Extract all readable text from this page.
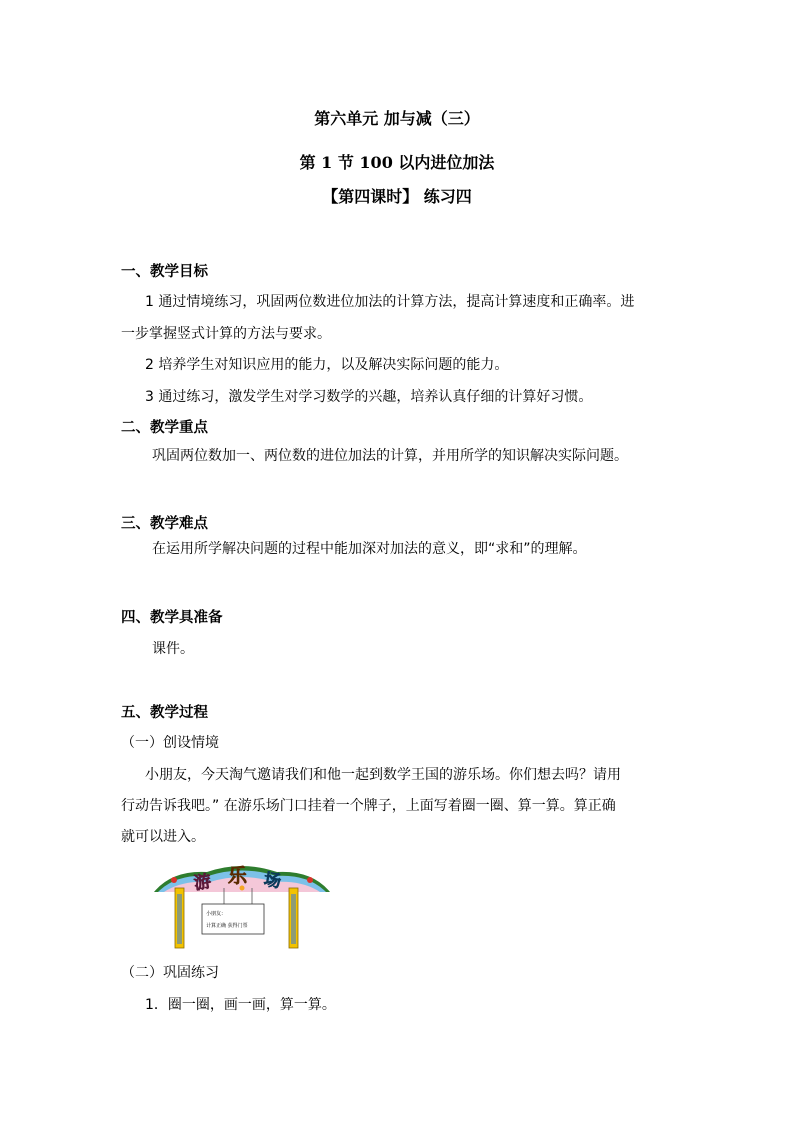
第六单元 加与减（三）
第 1 节 100 以内进位加法
【第四课时】 练习四
一、教学目标
1 通过情境练习，巩固两位数进位加法的计算方法，提高计算速度和正确率。进
一步掌握竖式计算的方法与要求。
2 培养学生对知识应用的能力，以及解决实际问题的能力。
3 通过练习，激发学生对学习数学的兴趣，培养认真仔细的计算好习惯。
二、教学重点
巩固两位数加一、两位数的进位加法的计算，并用所学的知识解决实际问题。
三、教学难点
在运用所学解决问题的过程中能加深对加法的意义，即“求和”的理解。
四、教学具准备
课件。
五、教学过程
（一）创设情境
小朋友，今天淘气邀请我们和他一起到数学王国的游乐场。你们想去吗？请用
行动告诉我吧。” 在游乐场门口挂着一个牌子，上面写着圈一圈、算一算。算正确
就可以进入。
小朋友：
计算正确 获得门票
游 乐 场
（二）巩固练习
1．圈一圈，画一画，算一算。
